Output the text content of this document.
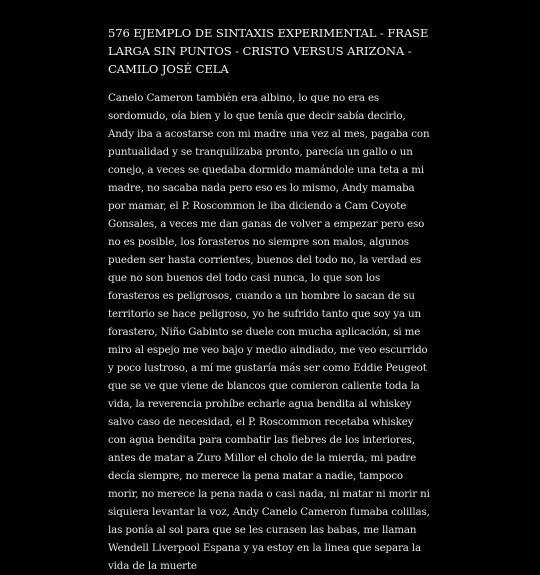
576 EJEMPLO DE SINTAXIS EXPERIMENTAL - FRASE LARGA SIN PUNTOS - CRISTO VERSUS ARIZONA - CAMILO JOSÉ CELA

Canelo Cameron también era albino, lo que no era es sordomudo, oía bien y lo que tenía que decir sabía decirlo, Andy iba a acostarse con mi madre una vez al mes, pagaba con puntualidad y se tranquilizaba pronto, parecía un gallo o un conejo, a veces se quedaba dormido mamándole una teta a mi madre, no sacaba nada pero eso es lo mismo, Andy mamaba por mamar, el P. Roscommon le iba diciendo a Cam Coyote Gonsales, a veces me dan ganas de volver a empezar pero eso no es posible, los forasteros no siempre son malos, algunos pueden ser hasta corrientes, buenos del todo no, la verdad es que no son buenos del todo casi nunca, lo que son los forasteros es peligrosos, cuando a un hombre lo sacan de su territorio se hace peligroso, yo he sufrido tanto que soy ya un forastero, Niño Gabinto se duele con mucha aplicación, si me miro al espejo me veo bajo y medio aindiado, me veo escurrido y poco lustroso, a mí me gustaría más ser como Eddie Peugeot que se ve que viene de blancos que comieron caliente toda la vida, la reverencia prohíbe echarle agua bendita al whiskey salvo caso de necesidad, el P. Roscommon recetaba whiskey con agua bendita para combatir las fiebres de los interiores, antes de matar a Zuro Millor el cholo de la mierda, mi padre decía siempre, no merece la pena matar a nadie, tampoco morir, no merece la pena nada o casi nada, ni matar ni morir ni siquiera levantar la voz, Andy Canelo Cameron fumaba colillas, las ponía al sol para que se les curasen las babas, me llaman Wendell Liverpool Espana y ya estoy en la linea que separa la vida de la muerte
